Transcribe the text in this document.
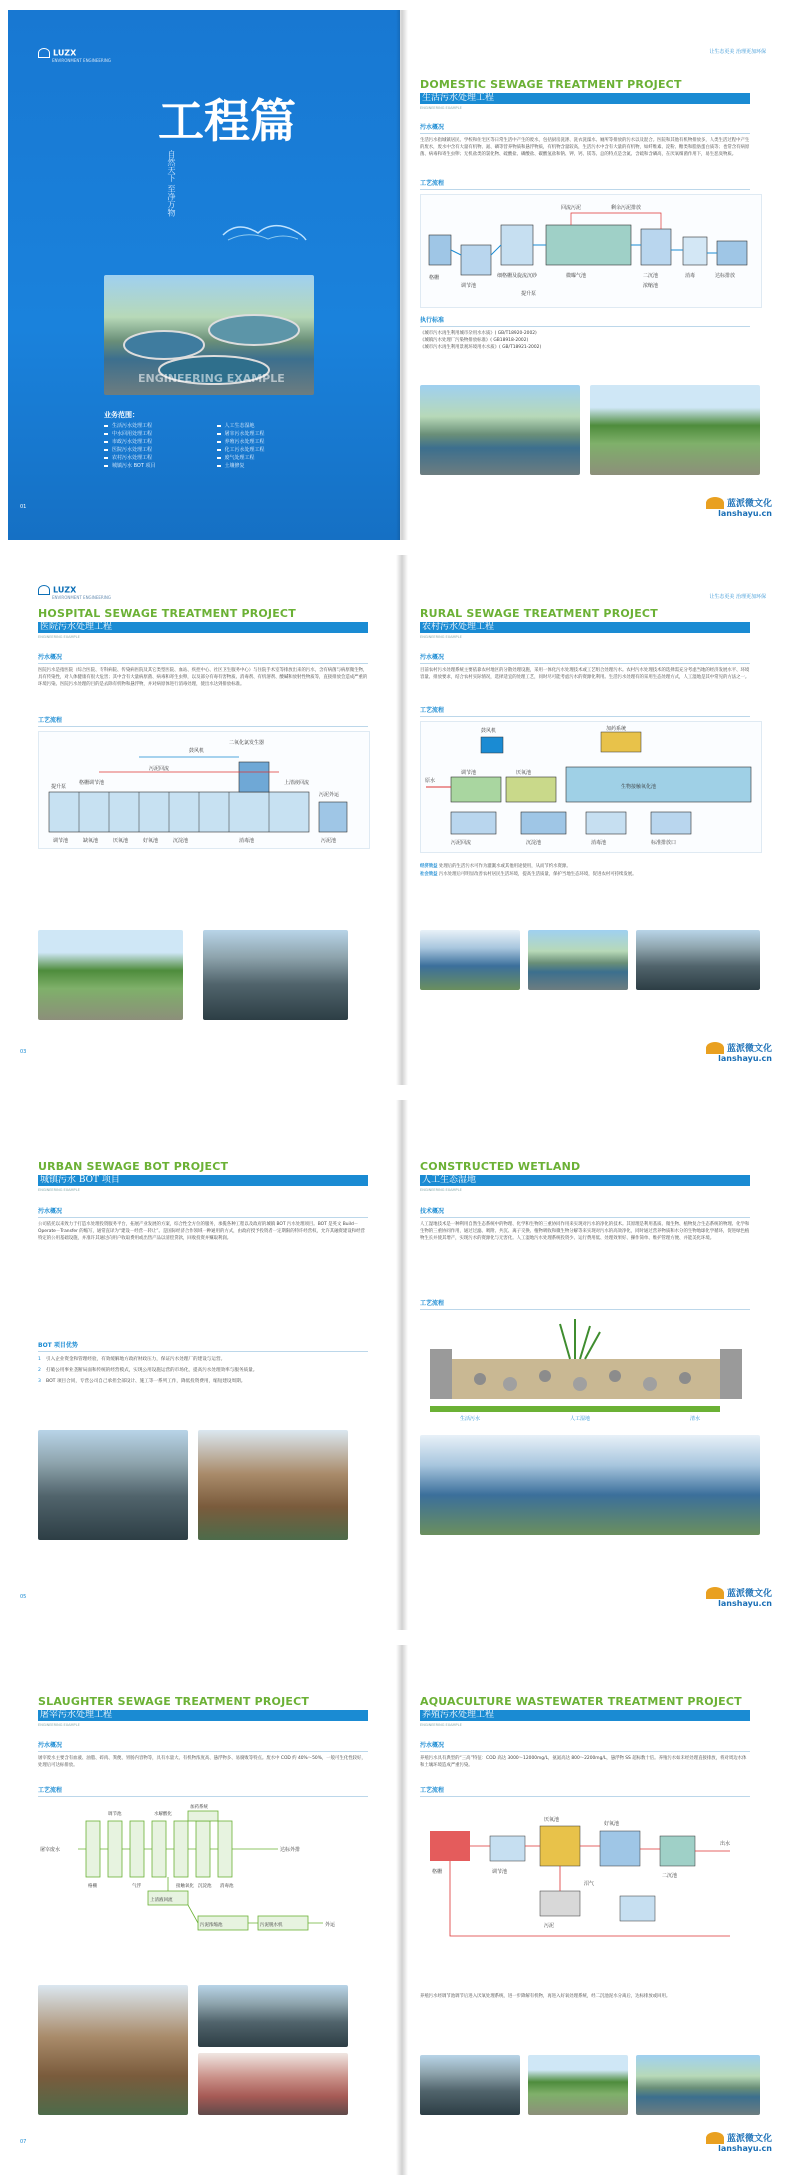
LUZX
ENVIRONMENT ENGINEERING
工程篇
自然天下 至净万物
ENGINEERING EXAMPLE
业务范围：
生活污水处理工程
中水回用处理工程
市政污水处理工程
医院污水处理工程
农村污水处理工程
城镇污水 BOT 项目
人工生态湿地
屠宰污水处理工程
养殖污水处理工程
化工污水处理工程
废气处理工程
土壤修复
01
让生态更美 治理更加环保
DOMESTIC SEWAGE TREATMENT PROJECT
生活污水处理工程
ENGINEERING EXAMPLE
污水概况
生活污水指城镇居民、学校和住宅区等日常生活中产生的废水，包括厨房洗涤、洗衣洗澡水、厕所等排放的污水以及混合。医院和其他有机物排放多，人类生活过程中产生的废水，废水中含有大量有机物、氮、磷等营养物质和悬浮物质，有机物含量较高，生活污水中含有大量的有机物，如纤维素、淀粉、糖类和脂肪蛋白质等；也常含有病原菌、病毒和寄生虫卵；无机盐类的氯化物、硫酸盐、磷酸盐、碳酸氢盐和钠、钾、钙、镁等。总的特点是含氮、含硫和含磷高，在厌氧细菌作用下，易生恶臭物质。
工艺流程
格栅
调节池
细格栅及旋流沉砂
提升泵
回流污泥
微曝气池
剩余污泥排放
二沉池
浓缩池
消毒	达标排放
执行标准
《城市污水再生利用城市杂用水水质》( GB/T18920-2002)
《城镇污水处理厂污染物排放标准》( GB18918-2002)
《城市污水再生利用景观环境用水水质》( GB/T18921-2002)
蓝派微文化
lanshayu.cn
LUZX
ENVIRONMENT ENGINEERING
HOSPITAL SEWAGE TREATMENT PROJECT
医院污水处理工程
ENGINEERING EXAMPLE
污水概况
医院污水是指医院（综合医院、专科病院、传染病医院及其它类型医院、血站、疾控中心、社区卫生服务中心）与住院手术室等排放出来的污水，含有病菌与病原微生物，具有传染性，对人体健康有很大危害；其中含有大量病原菌、病毒和寄生虫卵，以及部分有毒有害物质、消毒剂、有机溶剂、酸碱和放射性物质等，直接排放会造成严重的环境污染。医院污水处理的目的是去除有机物和悬浮物，并对病原体进行消毒处理，使出水达到排放标准。
工艺流程
格栅调节池
污泥回流
鼓风机
二氧化氯发生器
上清液回流
提升泵
调节池	缺氧池	厌氧池	好氧池	沉淀池	消毒池	污泥池
污泥外运
03
让生态更美 治理更加环保
RURAL SEWAGE TREATMENT PROJECT
农村污水处理工程
ENGINEERING EXAMPLE
污水概况
目前农村污水处理系统主要依靠农村地区的分散处理设施，采用一体化污水处理技术或工艺组合处理污水。农村污水处理技术的选择需充分考虑当地的经济发展水平、环境容量、排放要求，结合农村实际情况，选择适宜的处理工艺，同时尽可能考虑污水的资源化利用。生活污水处理有的采用生态处理方式，人工湿地是其中常见的方法之一。
工艺流程
鼓风机	加药系统
调节池	厌氧池
生物接触氧化池
沉淀池	消毒池	标准排放口
污泥回流
原水
经济效益 处理后的生活污水可作为灌溉水或其他用途使用，从而节约水资源。
社会效益 污水处理后可明显改善农村居民生活环境，提高生活质量，保护当地生态环境，促进农村可持续发展。
蓝派微文化
lanshayu.cn
URBAN SEWAGE BOT PROJECT
城镇污水 BOT 项目
ENGINEERING EXAMPLE
污水概况
公司依托以来致力于打造水处理投资服务平台，拓展产业发展的方案，综合性全方位的服务，承揽各种工程以及政府的城镇 BOT 污水处理项目。BOT 是英文 Build－Operate－Transfer 的缩写，通常直译为“建设－经营－转让”。是国际经济合作领域一种通用的方式，由政府授予投资者一定期限的特许经营权，允许其融资建设和经营特定的公用基础设施，并准许其通过向用户收取费用或出售产品以清偿贷款，回收投资并赚取利润。
BOT 项目优势
1 引入企业资金和管理经验，有效缓解地方政府财政压力，保证污水处理厂的建设与运营。
2 打破公用事业垄断局面和传统的经营模式，实现公用设施运营的市场化，提高污水处理效率与服务质量。
3 BOT 项目合同，专营公司自己承担全部设计、施工等一系列工作，降低投资费用，缩短建设周期。
05
CONSTRUCTED WETLAND
人工生态湿地
ENGINEERING EXAMPLE
技术概况
人工湿地技术是一种利用自然生态系统中的物理、化学和生物的三重协同作用来实现对污水的净化的技术。其原理是利用基质、微生物、植物复合生态系统的物理、化学和生物的三重协同作用，通过过滤、吸附、共沉、离子交换、植物吸收和微生物分解等来实现对污水的高效净化，同时通过营养物质和水分的生物地球化学循环，促进绿色植物生长并使其增产，实现污水的资源化与无害化。人工湿地污水处理系统投资少、运行费用低、处理效果好、操作简单、维护管理方便、并能美化环境。
工艺流程
生活污水	人工湿地	清水
蓝派微文化
lanshayu.cn
SLAUGHTER SEWAGE TREATMENT PROJECT
屠宰污水处理工程
ENGINEERING EXAMPLE
污水概况
屠宰废水主要含有血液、油脂、碎肉、粪便、胃肠内容物等，具有水量大、有机物浓度高、悬浮物多、易腐败等特点。废水中 COD 约 40%～50%，一般可生化性较好，处理后可达标排放。
工艺流程
屠宰废水
格栅
调节池
气浮
水解酸化
接触氧化 沉淀池 消毒池
达标外排
污泥浓缩池	污泥脱水机	外运
加药系统
上清液回流
07
AQUACULTURE WASTEWATER TREATMENT PROJECT
养殖污水处理工程
ENGINEERING EXAMPLE
污水概况
养殖污水具有典型的“三高”特征：COD 高达 3000～12000mg/L，氨氮高达 800～2200mg/L，悬浮物 SS 超标数十倍。养殖污水如未经处理直接排放，将对周边水体和土壤环境造成严重污染。
工艺流程
格栅	调节池
厌氧池
好氧池
二沉池
沼气
污泥
出水
养殖污水经调节池调节后进入厌氧处理系统，进一步降解有机物，再进入好氧处理系统，经二沉池泥水分离后，达标排放或回用。
蓝派微文化
lanshayu.cn
